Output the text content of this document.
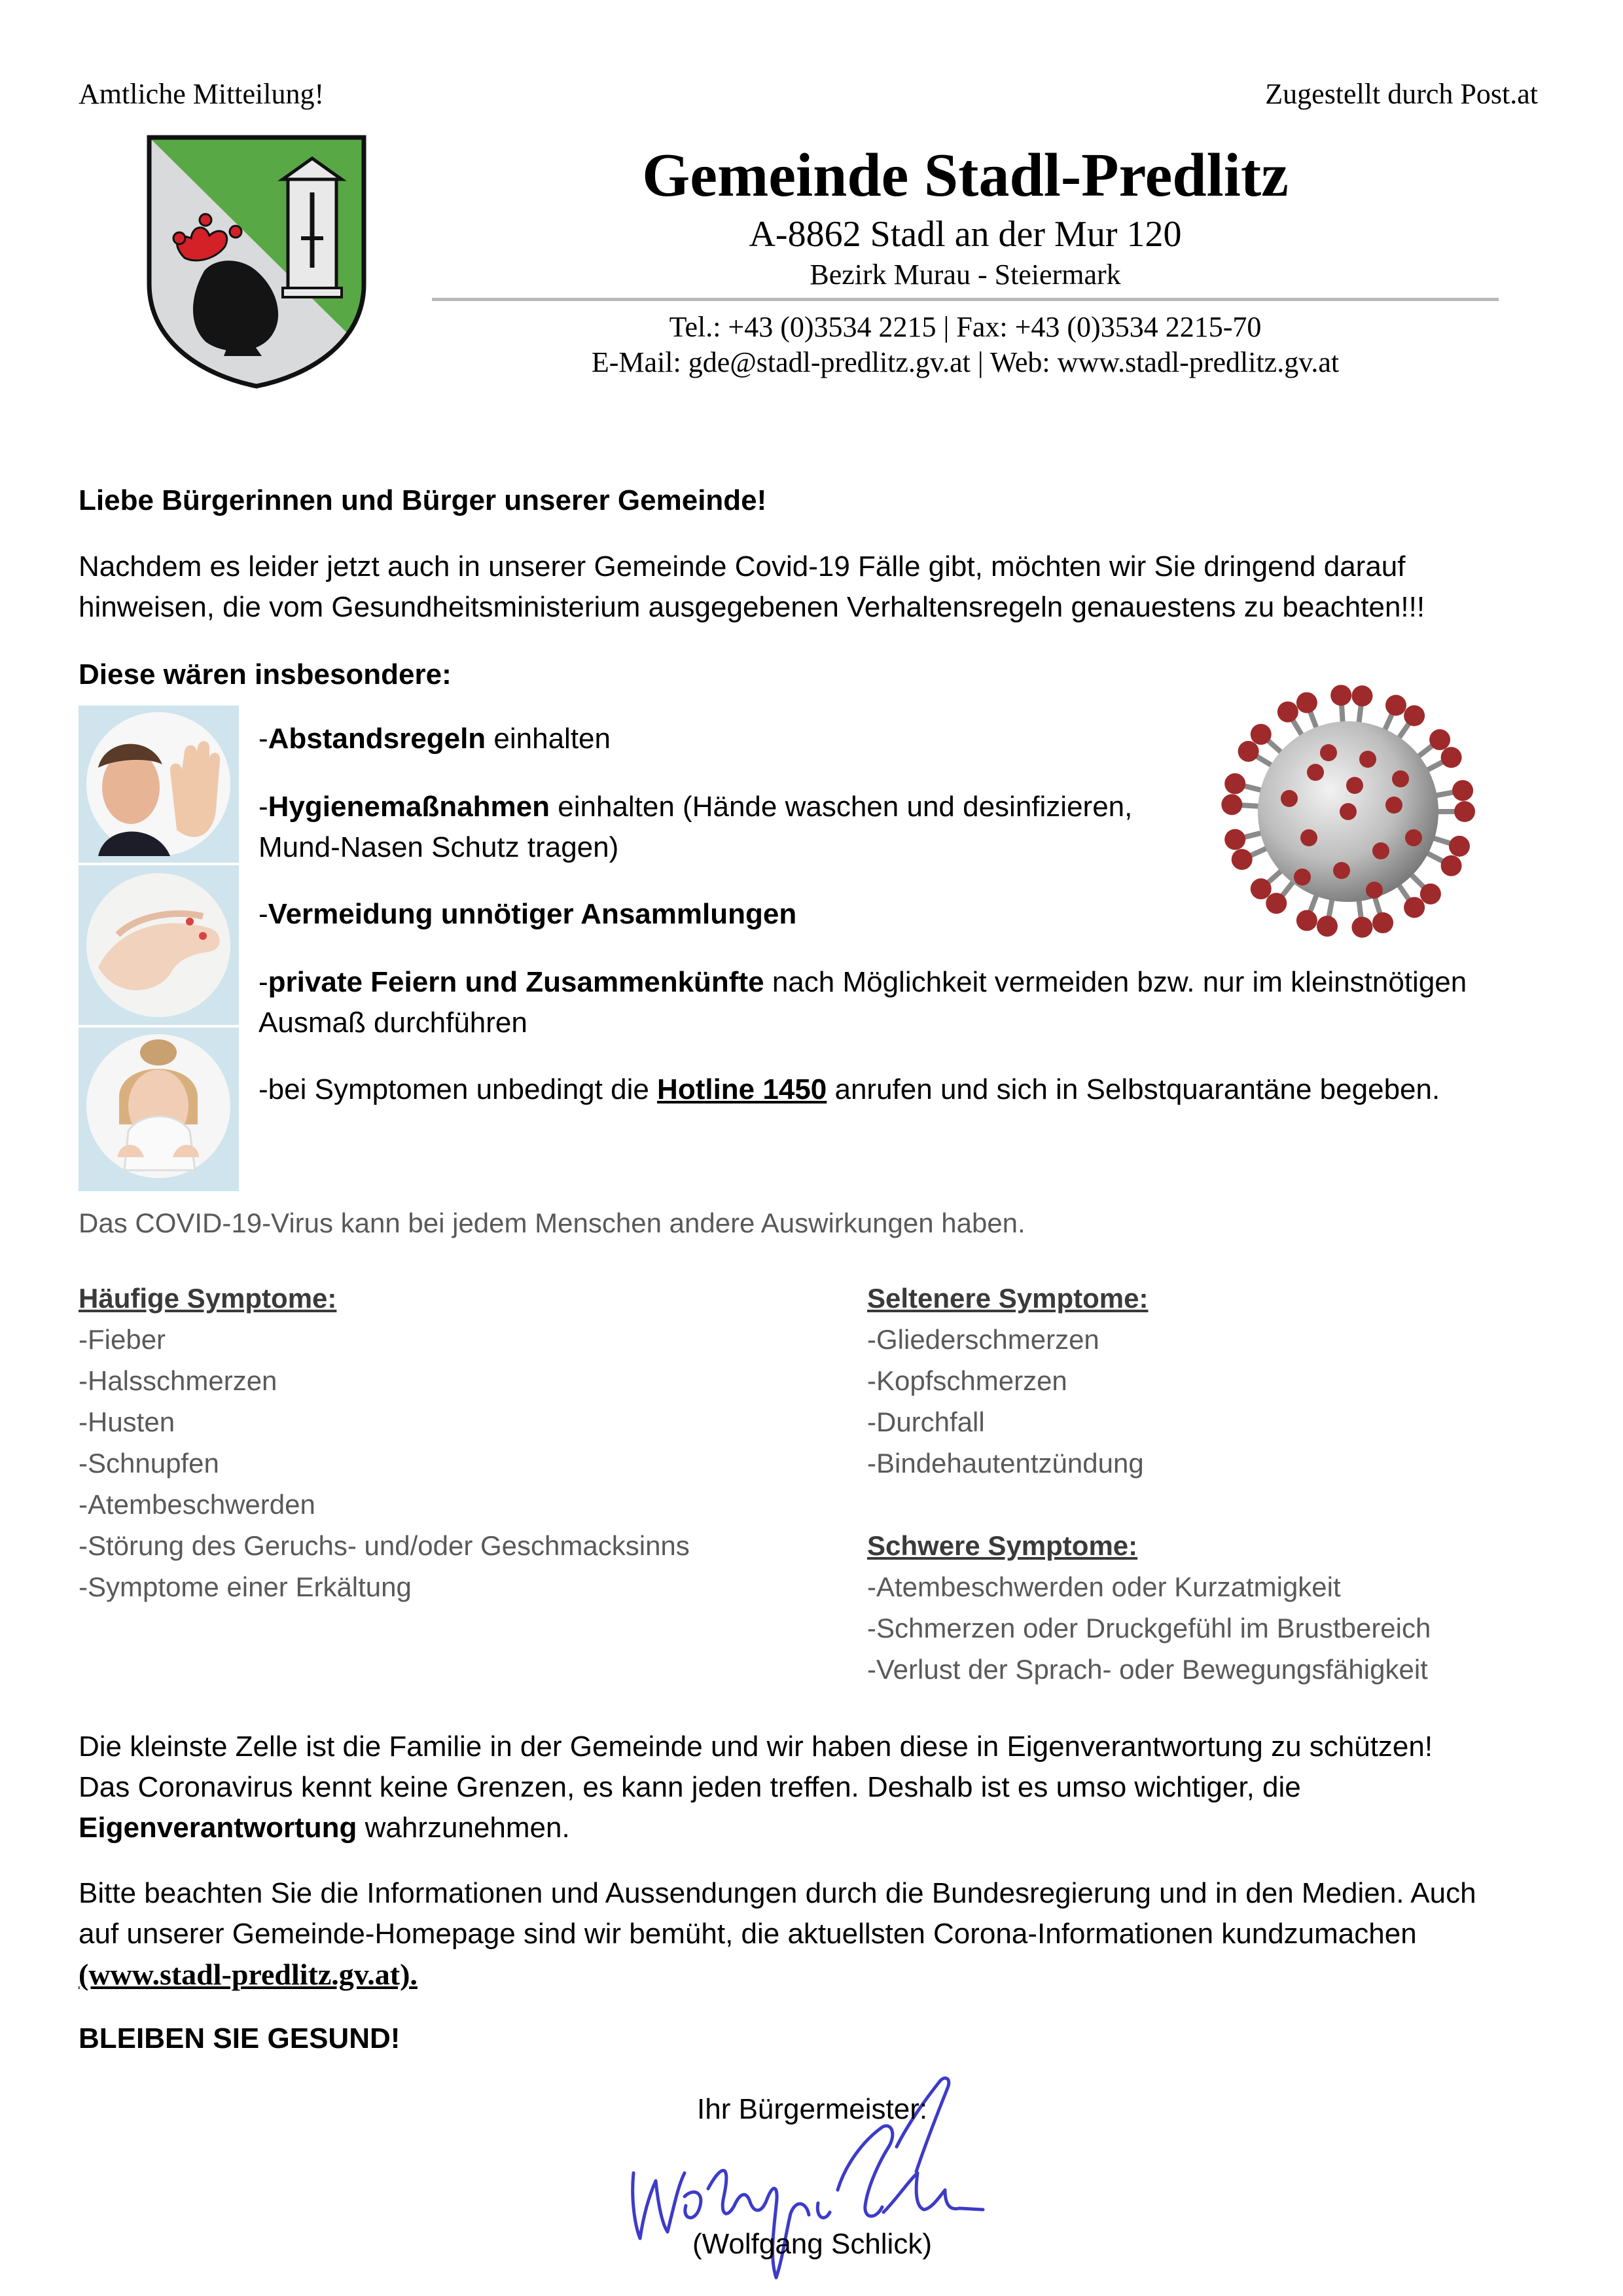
Amtliche Mitteilung!	Zugestellt durch Post.at
Gemeinde Stadl-Predlitz
A-8862 Stadl an der Mur 120
Bezirk Murau - Steiermark
Tel.: +43 (0)3534 2215 | Fax: +43 (0)3534 2215-70
E-Mail: gde@stadl-predlitz.gv.at | Web: www.stadl-predlitz.gv.at
Liebe Bürgerinnen und Bürger unserer Gemeinde!

Nachdem es leider jetzt auch in unserer Gemeinde Covid-19 Fälle gibt, möchten wir Sie dringend darauf

hinweisen, die vom Gesundheitsministerium ausgegebenen Verhaltensregeln genauestens zu beachten!!!

Diese wären insbesondere:
-Abstandsregeln einhalten
-Hygienemaßnahmen einhalten (Hände waschen und desinfizieren,
Mund-Nasen Schutz tragen)
-Vermeidung unnötiger Ansammlungen
-private Feiern und Zusammenkünfte nach Möglichkeit vermeiden bzw. nur im kleinstnötigen
Ausmaß durchführen
-bei Symptomen unbedingt die Hotline 1450 anrufen und sich in Selbstquarantäne begeben.
Das COVID-19-Virus kann bei jedem Menschen andere Auswirkungen haben.
Häufige Symptome:
-Fieber
-Halsschmerzen
-Husten
-Schnupfen
-Atembeschwerden
-Störung des Geruchs- und/oder Geschmacksinns
-Symptome einer Erkältung
Seltenere Symptome:
-Gliederschmerzen
-Kopfschmerzen
-Durchfall
-Bindehautentzündung
Schwere Symptome:
-Atembeschwerden oder Kurzatmigkeit
-Schmerzen oder Druckgefühl im Brustbereich
-Verlust der Sprach- oder Bewegungsfähigkeit

Die kleinste Zelle ist die Familie in der Gemeinde und wir haben diese in Eigenverantwortung zu schützen!

Das Coronavirus kennt keine Grenzen, es kann jeden treffen. Deshalb ist es umso wichtiger, die

Eigenverantwortung wahrzunehmen.

Bitte beachten Sie die Informationen und Aussendungen durch die Bundesregierung und in den Medien. Auch

auf unserer Gemeinde-Homepage sind wir bemüht, die aktuellsten Corona-Informationen kundzumachen

(www.stadl-predlitz.gv.at).

BLEIBEN SIE GESUND!
Ihr Bürgermeister:
(Wolfgang Schlick)
